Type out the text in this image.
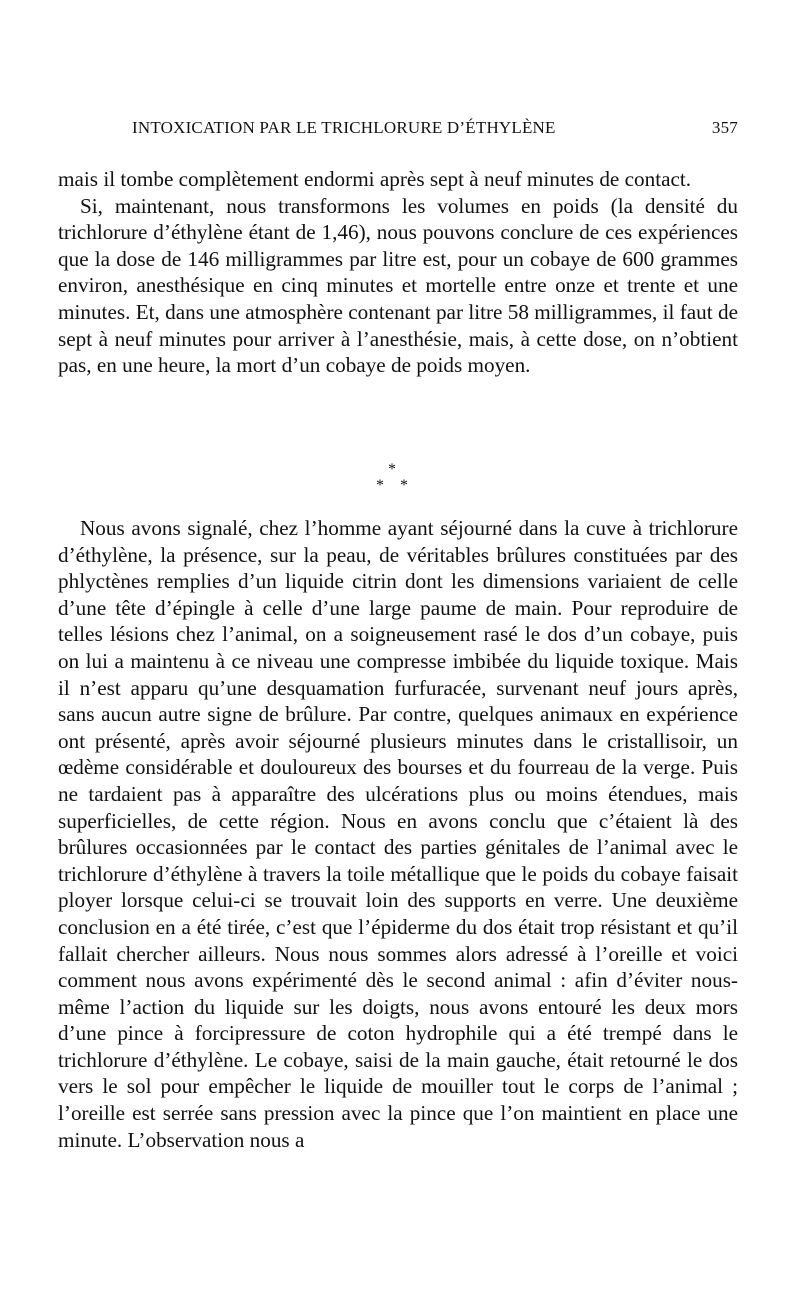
INTOXICATION PAR LE TRICHLORURE D’ÉTHYLÈNE	357

mais il tombe complètement endormi après sept à neuf minutes de contact.

Si, maintenant, nous transformons les volumes en poids (la densité du trichlorure d’éthylène étant de 1,46), nous pouvons conclure de ces expériences que la dose de 146 milligrammes par litre est, pour un cobaye de 600 grammes environ, anesthésique en cinq minutes et mortelle entre onze et trente et une minutes. Et, dans une atmosphère contenant par litre 58 milligrammes, il faut de sept à neuf minutes pour arriver à l’anesthésie, mais, à cette dose, on n’obtient pas, en une heure, la mort d’un cobaye de poids moyen.

*
* *

Nous avons signalé, chez l’homme ayant séjourné dans la cuve à trichlorure d’éthylène, la présence, sur la peau, de véritables brûlures constituées par des phlyctènes remplies d’un liquide citrin dont les dimensions variaient de celle d’une tête d’épingle à celle d’une large paume de main. Pour reproduire de telles lésions chez l’animal, on a soigneusement rasé le dos d’un cobaye, puis on lui a maintenu à ce niveau une compresse imbibée du liquide toxique. Mais il n’est apparu qu’une desquamation furfuracée, survenant neuf jours après, sans aucun autre signe de brûlure. Par contre, quelques animaux en expérience ont présenté, après avoir séjourné plusieurs minutes dans le cristallisoir, un œdème considérable et douloureux des bourses et du fourreau de la verge. Puis ne tardaient pas à apparaître des ulcérations plus ou moins étendues, mais superficielles, de cette région. Nous en avons conclu que c’étaient là des brûlures occasionnées par le contact des parties génitales de l’animal avec le trichlorure d’éthylène à travers la toile métallique que le poids du cobaye faisait ployer lorsque celui-ci se trouvait loin des supports en verre. Une deuxième conclusion en a été tirée, c’est que l’épiderme du dos était trop résistant et qu’il fallait chercher ailleurs. Nous nous sommes alors adressé à l’oreille et voici comment nous avons expérimenté dès le second animal : afin d’éviter nous-même l’action du liquide sur les doigts, nous avons entouré les deux mors d’une pince à forcipressure de coton hydrophile qui a été trempé dans le trichlorure d’éthylène. Le cobaye, saisi de la main gauche, était retourné le dos vers le sol pour empêcher le liquide de mouiller tout le corps de l’animal ; l’oreille est serrée sans pression avec la pince que l’on maintient en place une minute. L’observation nous a
